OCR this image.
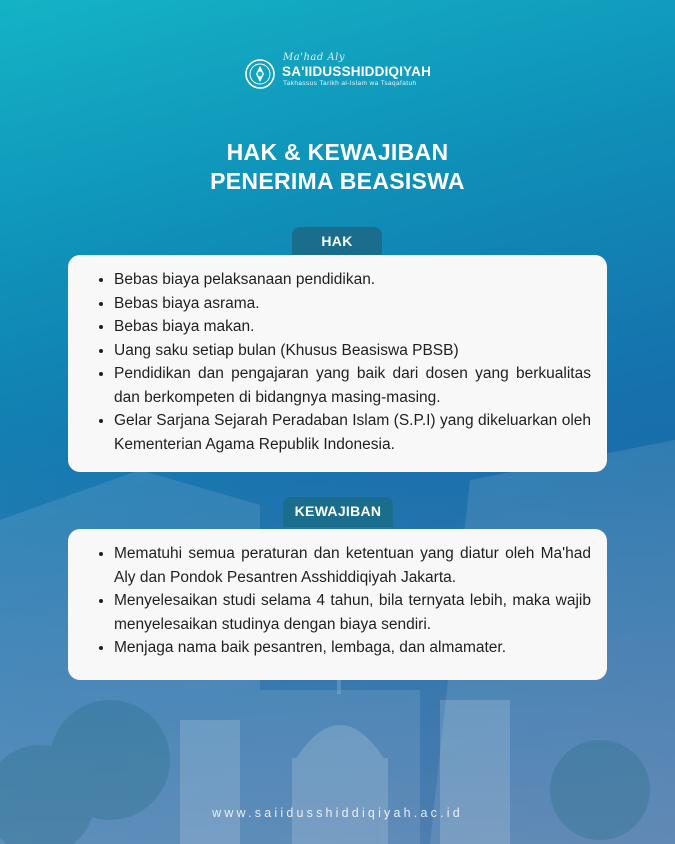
Ma'had Aly
SA'IIDUSSHIDDIQIYAH
Takhassus Tarikh al-Islam wa Tsaqafatuh
HAK & KEWAJIBAN
PENERIMA BEASISWA
HAK
• Bebas biaya pelaksanaan pendidikan.
• Bebas biaya asrama.
• Bebas biaya makan.
• Uang saku setiap bulan (Khusus Beasiswa PBSB)
• Pendidikan dan pengajaran yang baik dari dosen yang berkualitas dan berkompeten di bidangnya masing-masing.
• Gelar Sarjana Sejarah Peradaban Islam (S.P.I) yang dikeluarkan oleh Kementerian Agama Republik Indonesia.
KEWAJIBAN
• Mematuhi semua peraturan dan ketentuan yang diatur oleh Ma'had Aly dan Pondok Pesantren Asshiddiqiyah Jakarta.
• Menyelesaikan studi selama 4 tahun, bila ternyata lebih, maka wajib menyelesaikan studinya dengan biaya sendiri.
• Menjaga nama baik pesantren, lembaga, dan almamater.
www.saiidusshiddiqiyah.ac.id
